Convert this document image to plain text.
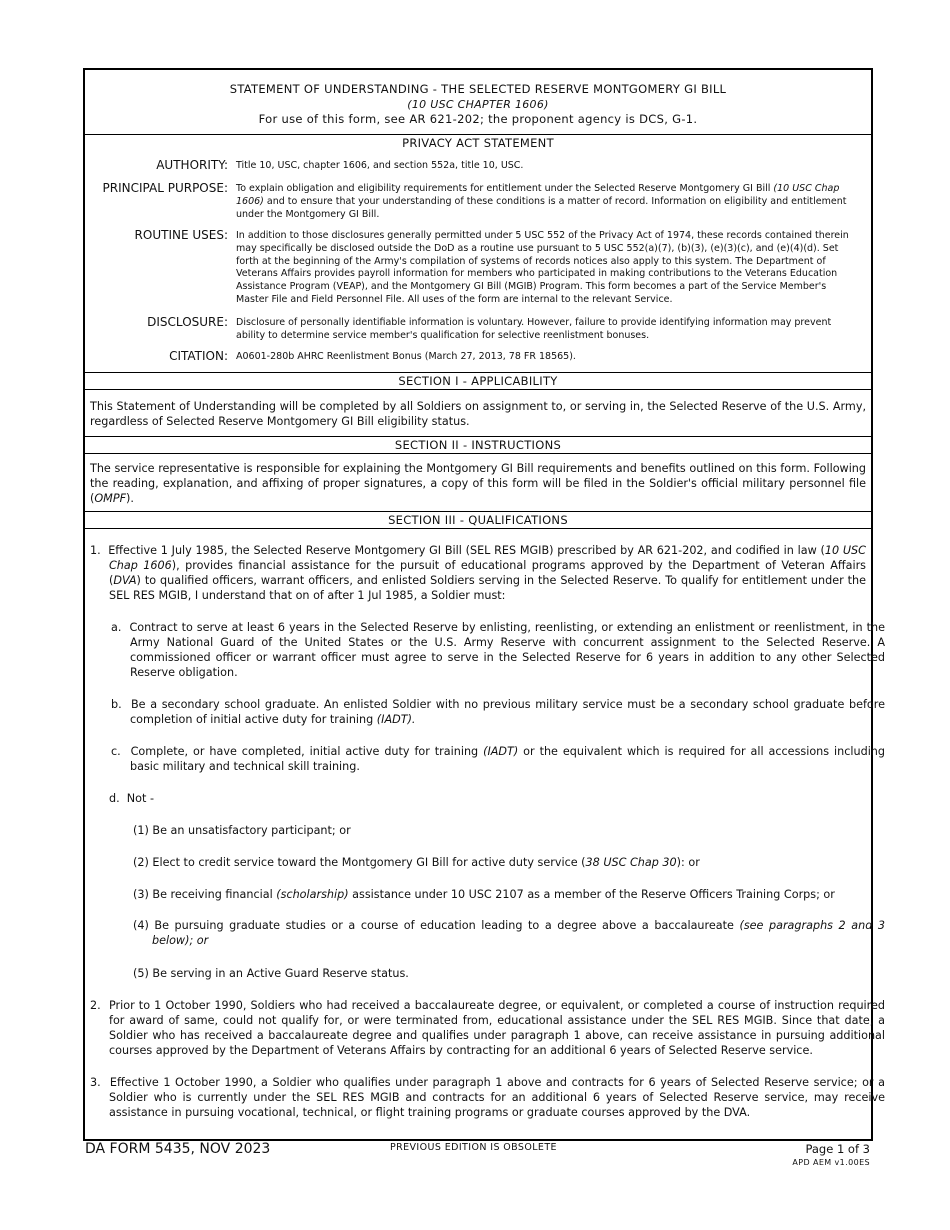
STATEMENT OF UNDERSTANDING - THE SELECTED RESERVE MONTGOMERY GI BILL
(10 USC CHAPTER 1606)
For use of this form, see AR 621-202; the proponent agency is DCS, G-1.
PRIVACY ACT STATEMENT
AUTHORITY: Title 10, USC, chapter 1606, and section 552a, title 10, USC.
PRINCIPAL PURPOSE: To explain obligation and eligibility requirements for entitlement under the Selected Reserve Montgomery GI Bill (10 USC Chap 1606) and to ensure that your understanding of these conditions is a matter of record. Information on eligibility and entitlement under the Montgomery GI Bill.
ROUTINE USES: In addition to those disclosures generally permitted under 5 USC 552 of the Privacy Act of 1974, these records contained therein may specifically be disclosed outside the DoD as a routine use pursuant to 5 USC 552(a)(7), (b)(3), (e)(3)(c), and (e)(4)(d). Set forth at the beginning of the Army's compilation of systems of records notices also apply to this system. The Department of Veterans Affairs provides payroll information for members who participated in making contributions to the Veterans Education Assistance Program (VEAP), and the Montgomery GI Bill (MGIB) Program. This form becomes a part of the Service Member's Master File and Field Personnel File. All uses of the form are internal to the relevant Service.
DISCLOSURE: Disclosure of personally identifiable information is voluntary. However, failure to provide identifying information may prevent ability to determine service member's qualification for selective reenlistment bonuses.
CITATION: A0601-280b AHRC Reenlistment Bonus (March 27, 2013, 78 FR 18565).
SECTION I - APPLICABILITY
This Statement of Understanding will be completed by all Soldiers on assignment to, or serving in, the Selected Reserve of the U.S. Army, regardless of Selected Reserve Montgomery GI Bill eligibility status.
SECTION II - INSTRUCTIONS
The service representative is responsible for explaining the Montgomery GI Bill requirements and benefits outlined on this form. Following the reading, explanation, and affixing of proper signatures, a copy of this form will be filed in the Soldier's official military personnel file (OMPF).
SECTION III - QUALIFICATIONS
1. Effective 1 July 1985, the Selected Reserve Montgomery GI Bill (SEL RES MGIB) prescribed by AR 621-202, and codified in law (10 USC Chap 1606), provides financial assistance for the pursuit of educational programs approved by the Department of Veteran Affairs (DVA) to qualified officers, warrant officers, and enlisted Soldiers serving in the Selected Reserve. To qualify for entitlement under the SEL RES MGIB, I understand that on of after 1 Jul 1985, a Soldier must:
a. Contract to serve at least 6 years in the Selected Reserve by enlisting, reenlisting, or extending an enlistment or reenlistment, in the Army National Guard of the United States or the U.S. Army Reserve with concurrent assignment to the Selected Reserve. A commissioned officer or warrant officer must agree to serve in the Selected Reserve for 6 years in addition to any other Selected Reserve obligation.
b. Be a secondary school graduate. An enlisted Soldier with no previous military service must be a secondary school graduate before completion of initial active duty for training (IADT).
c. Complete, or have completed, initial active duty for training (IADT) or the equivalent which is required for all accessions including basic military and technical skill training.
d. Not -
(1) Be an unsatisfactory participant; or
(2) Elect to credit service toward the Montgomery GI Bill for active duty service (38 USC Chap 30): or
(3) Be receiving financial (scholarship) assistance under 10 USC 2107 as a member of the Reserve Officers Training Corps; or
(4) Be pursuing graduate studies or a course of education leading to a degree above a baccalaureate (see paragraphs 2 and 3 below); or
(5) Be serving in an Active Guard Reserve status.
2. Prior to 1 October 1990, Soldiers who had received a baccalaureate degree, or equivalent, or completed a course of instruction required for award of same, could not qualify for, or were terminated from, educational assistance under the SEL RES MGIB. Since that date, a Soldier who has received a baccalaureate degree and qualifies under paragraph 1 above, can receive assistance in pursuing additional courses approved by the Department of Veterans Affairs by contracting for an additional 6 years of Selected Reserve service.
3. Effective 1 October 1990, a Soldier who qualifies under paragraph 1 above and contracts for 6 years of Selected Reserve service; or a Soldier who is currently under the SEL RES MGIB and contracts for an additional 6 years of Selected Reserve service, may receive assistance in pursuing vocational, technical, or flight training programs or graduate courses approved by the DVA.
DA FORM 5435, NOV 2023	PREVIOUS EDITION IS OBSOLETE	Page 1 of 3
APD AEM v1.00ES
